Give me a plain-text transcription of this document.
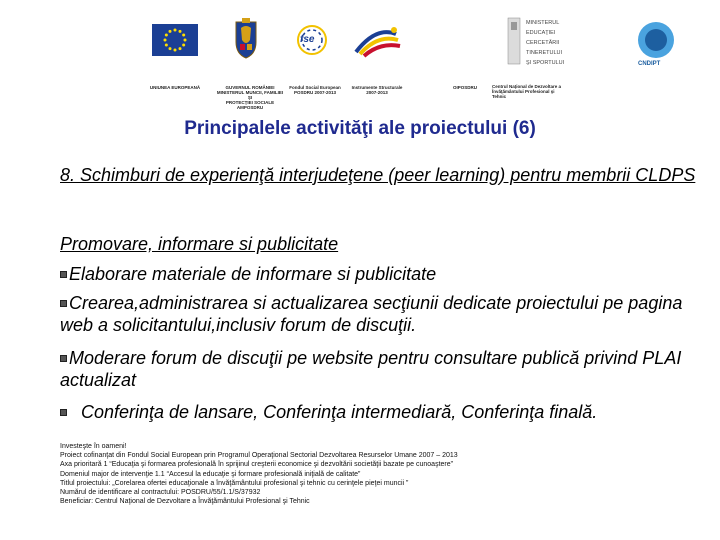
UNIUNEA EUROPEANĂ	GUVERNUL ROMÂNIEI
MINISTERUL MUNCII, FAMILIEI ŞI
PROTECŢIEI SOCIALE
AMPOSDRU
fse
Fondul Social European
POSDRU 2007-2013
Instrumente Structurale
2007-2013
OIPOSDRU
MINISTERUL
EDUCAŢIEI
CERCETĂRII
TINERETULUI
ŞI SPORTULUI	CNDIPT
Centrul Naţional de Dezvoltare a
Învăţământului Profesional şi
Tehnic
Principalele activităţi ale proiectului (6)
8. Schimburi de experienţă interjudeţene (peer learning) pentru membrii CLDPS
Promovare, informare si publicitate
Elaborare materiale de informare si publicitate
Crearea,administrarea si actualizarea secţiunii dedicate proiectului pe pagina web a solicitantului,inclusiv forum de discuţii.
Moderare forum de discuţii pe website pentru consultare publică privind PLAI actualizat
Conferinţa de lansare, Conferinţa intermediară, Conferinţa finală.
Investeşte în oameni!
Proiect cofinanţat din Fondul Social European prin Programul Operaţional Sectorial Dezvoltarea Resurselor Umane 2007 – 2013
Axa prioritară 1 “Educaţia şi formarea profesională în sprijinul creşterii economice şi dezvoltării societăţii bazate pe cunoaştere”
Domeniul major de intervenţie 1.1 “Accesul la educaţie şi formare profesională iniţială de calitate”
Titlul proiectului: „Corelarea ofertei educaţionale a învăţământului profesional şi tehnic cu cerinţele pieţei muncii ”
Numărul de identificare al contractului: POSDRU/55/1.1/S/37932
Beneficiar: Centrul Naţional de Dezvoltare a Învăţământului Profesional şi Tehnic
